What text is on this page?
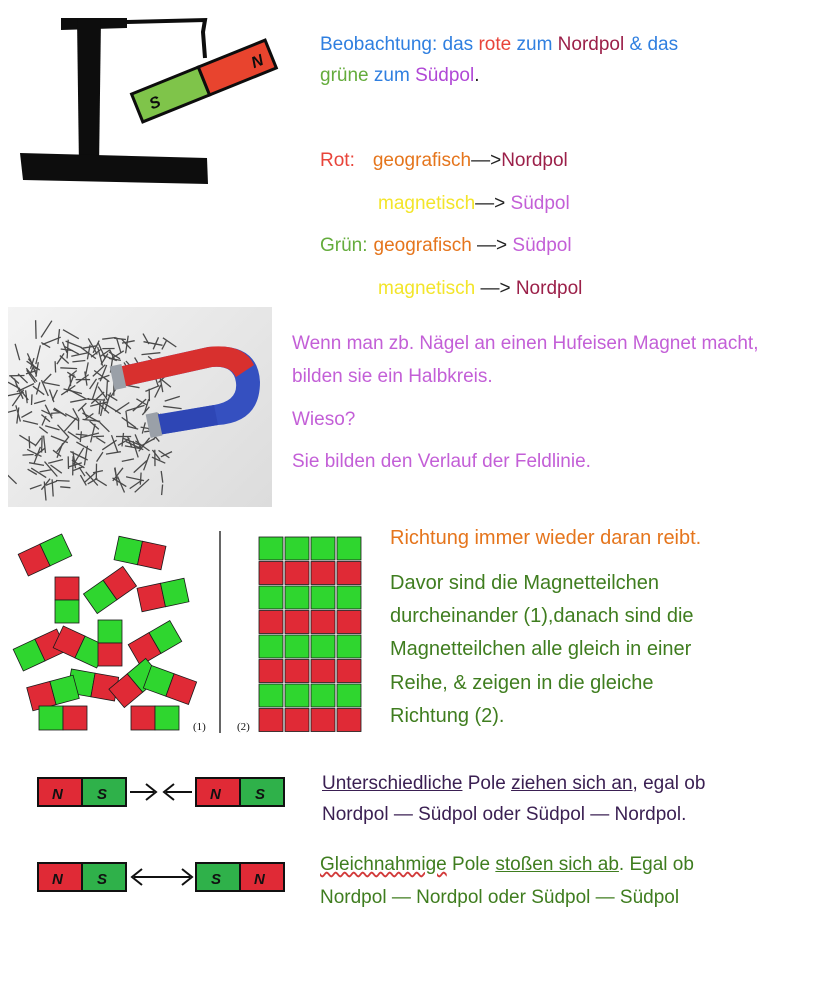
S
N
Beobachtung: das rote zum Nordpol & das
grüne zum Südpol.
Rot: geografisch—>Nordpol
magnetisch—> Südpol
Grün: geografisch —> Südpol
magnetisch —> Nordpol
Wenn man zb. Nägel an einen Hufeisen Magnet macht,
bilden sie ein Halbkreis.
Wieso?
Sie bilden den Verlauf der Feldlinie.
(1)	(2)
Richtung immer wieder daran reibt.
Davor sind die Magnetteilchen
durcheinander (1),danach sind die
Magnetteilchen alle gleich in einer
Reihe, & zeigen in die gleiche
Richtung (2).
N S	N S
N S	S N
Unterschiedliche Pole ziehen sich an, egal ob
Nordpol — Südpol oder Südpol — Nordpol.
Gleichnahmige Pole stoßen sich ab. Egal ob
Nordpol — Nordpol oder Südpol — Südpol
